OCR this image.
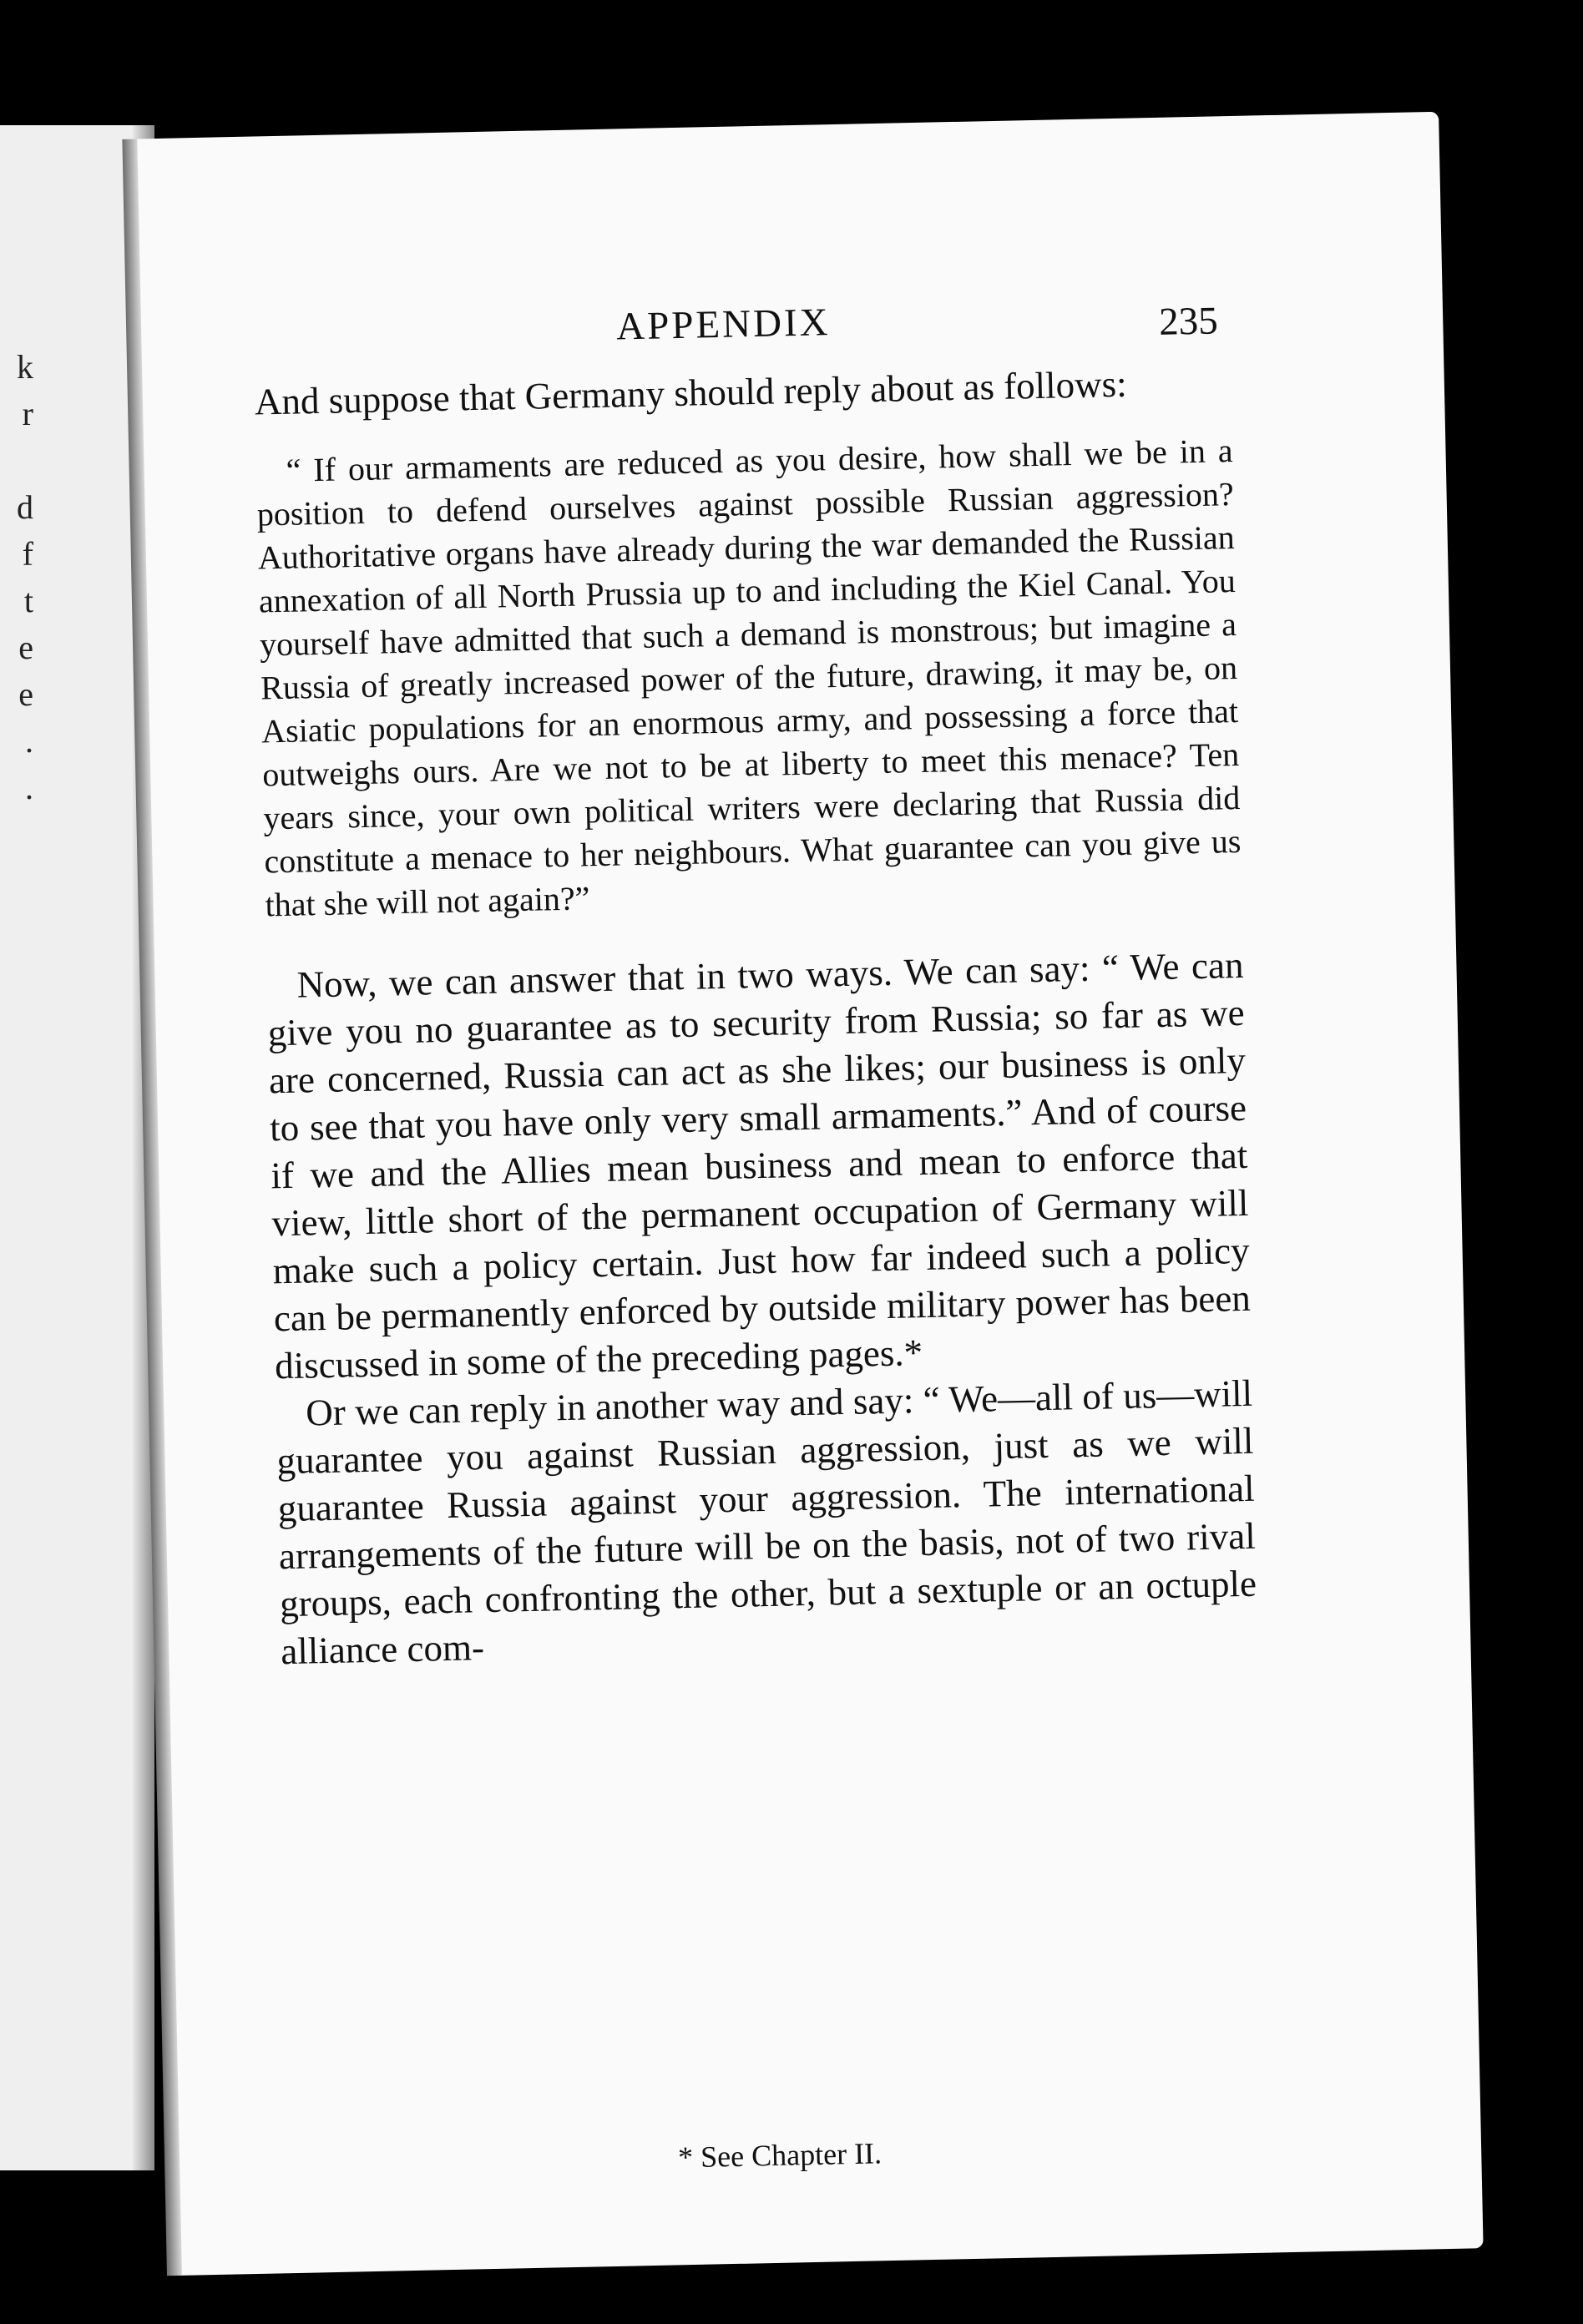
k
r
d
f
t
e
e
.
.
APPENDIX	235

And suppose that Germany should reply about as follows:

“ If our armaments are reduced as you desire, how shall we be in a position to defend ourselves against possible Russian aggression? Authoritative organs have already during the war demanded the Russian annexation of all North Prussia up to and including the Kiel Canal. You yourself have admitted that such a demand is monstrous; but imagine a Russia of greatly increased power of the future, drawing, it may be, on Asiatic populations for an enormous army, and possessing a force that outweighs ours. Are we not to be at liberty to meet this menace? Ten years since, your own political writers were declaring that Russia did constitute a menace to her neighbours. What guarantee can you give us that she will not again?”

Now, we can answer that in two ways. We can say: “ We can give you no guarantee as to security from Russia; so far as we are concerned, Russia can act as she likes; our business is only to see that you have only very small armaments.” And of course if we and the Allies mean business and mean to enforce that view, little short of the permanent occupation of Germany will make such a policy certain. Just how far indeed such a policy can be permanently enforced by outside military power has been discussed in some of the preceding pages.*

Or we can reply in another way and say: “ We—all of us—will guarantee you against Russian aggression, just as we will guarantee Russia against your aggression. The international arrangements of the future will be on the basis, not of two rival groups, each confronting the other, but a sextuple or an octuple alliance com-

* See Chapter II.
